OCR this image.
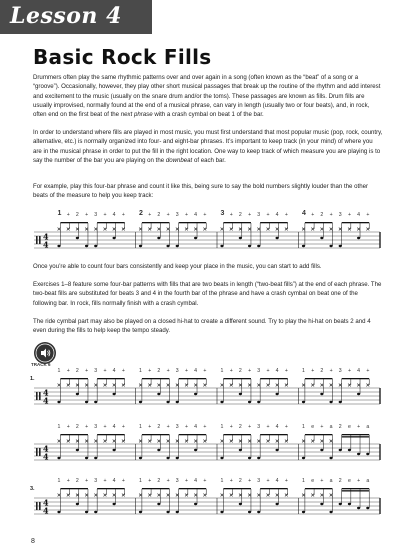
Lesson 4
Basic Rock Fills
Drummers often play the same rhythmic patterns over and over again in a song (often known as the “beat” of a song or a “groove”). Occasionally, however, they play other short musical passages that break up the routine of the rhythm and add interest and excitement to the music (usually on the snare drum and/or the toms). These passages are known as fills. Drum fills are usually improvised, normally found at the end of a musical phrase, can vary in length (usually two or four beats), and, in rock, often end on the first beat of the next phrase with a crash cymbal on beat 1 of the bar.
In order to understand where fills are played in most music, you must first understand that most popular music (pop, rock, country, alternative, etc.) is normally organized into four- and eight-bar phrases. It’s important to keep track (in your mind) of where you are in the musical phrase in order to put the fill in the right location. One way to keep track of which measure you are playing is to say the number of the bar you are playing on the downbeat of each bar.
For example, play this four-bar phrase and count it like this, being sure to say the bold numbers slightly louder than the other beats of the measure to help you keep track:
1 + 2 + 3 + 4 + 2 + 2 + 3 + 4 + 3 + 2 + 3 + 4 + 4 + 2 + 3 + 4 +
4
4
Once you’re able to count four bars consistently and keep your place in the music, you can start to add fills.
Exercises 1–8 feature some four-bar patterns with fills that are two beats in length (“two-beat fills”) at the end of each phrase. The two-beat fills are substituted for beats 3 and 4 in the fourth bar of the phrase and have a crash cymbal on beat one of the following bar. In rock, fills normally finish with a crash cymbal.
The ride cymbal part may also be played on a closed hi-hat to create a different sound. Try to play the hi-hat on beats 2 and 4 even during the fills to help keep the tempo steady.
TRACK 6
1.
1 + 2 + 3 + 4 +	1 + 2 + 3 + 4 +	1 + 2 + 3 + 4 +	1 + 2 + 3 + 4 +
4
4
1 + 2 + 3 + 4 +	1 + 2 + 3 + 4 +	1 + 2 + 3 + 4 +	1 e + a 2 e + a
4
4
3.
1 + 2 + 3 + 4 +	1 + 2 + 3 + 4 +	1 + 2 + 3 + 4 +	1 e + a 2 e + a
4
4
8
